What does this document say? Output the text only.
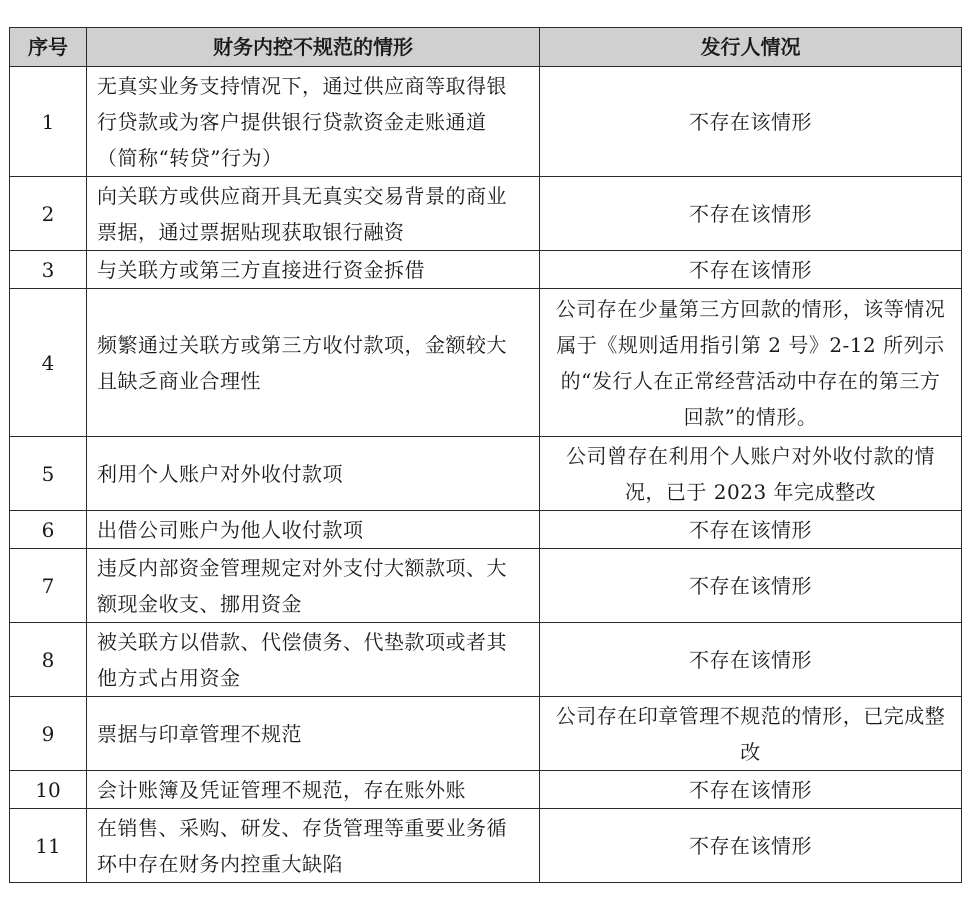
序号	财务内控不规范的情形	发行人情况
1	无真实业务支持情况下，通过供应商等取得银行贷款或为客户提供银行贷款资金走账通道（简称“转贷”行为）	不存在该情形
2	向关联方或供应商开具无真实交易背景的商业票据，通过票据贴现获取银行融资	不存在该情形
3	与关联方或第三方直接进行资金拆借	不存在该情形
4	频繁通过关联方或第三方收付款项，金额较大且缺乏商业合理性	公司存在少量第三方回款的情形，该等情况属于《规则适用指引第 2 号》2-12 所列示的“发行人在正常经营活动中存在的第三方回款”的情形。
5	利用个人账户对外收付款项	公司曾存在利用个人账户对外收付款的情况，已于 2023 年完成整改
6	出借公司账户为他人收付款项	不存在该情形
7	违反内部资金管理规定对外支付大额款项、大额现金收支、挪用资金	不存在该情形
8	被关联方以借款、代偿债务、代垫款项或者其他方式占用资金	不存在该情形
9	票据与印章管理不规范	公司存在印章管理不规范的情形，已完成整改
10	会计账簿及凭证管理不规范，存在账外账	不存在该情形
11	在销售、采购、研发、存货管理等重要业务循环中存在财务内控重大缺陷	不存在该情形
